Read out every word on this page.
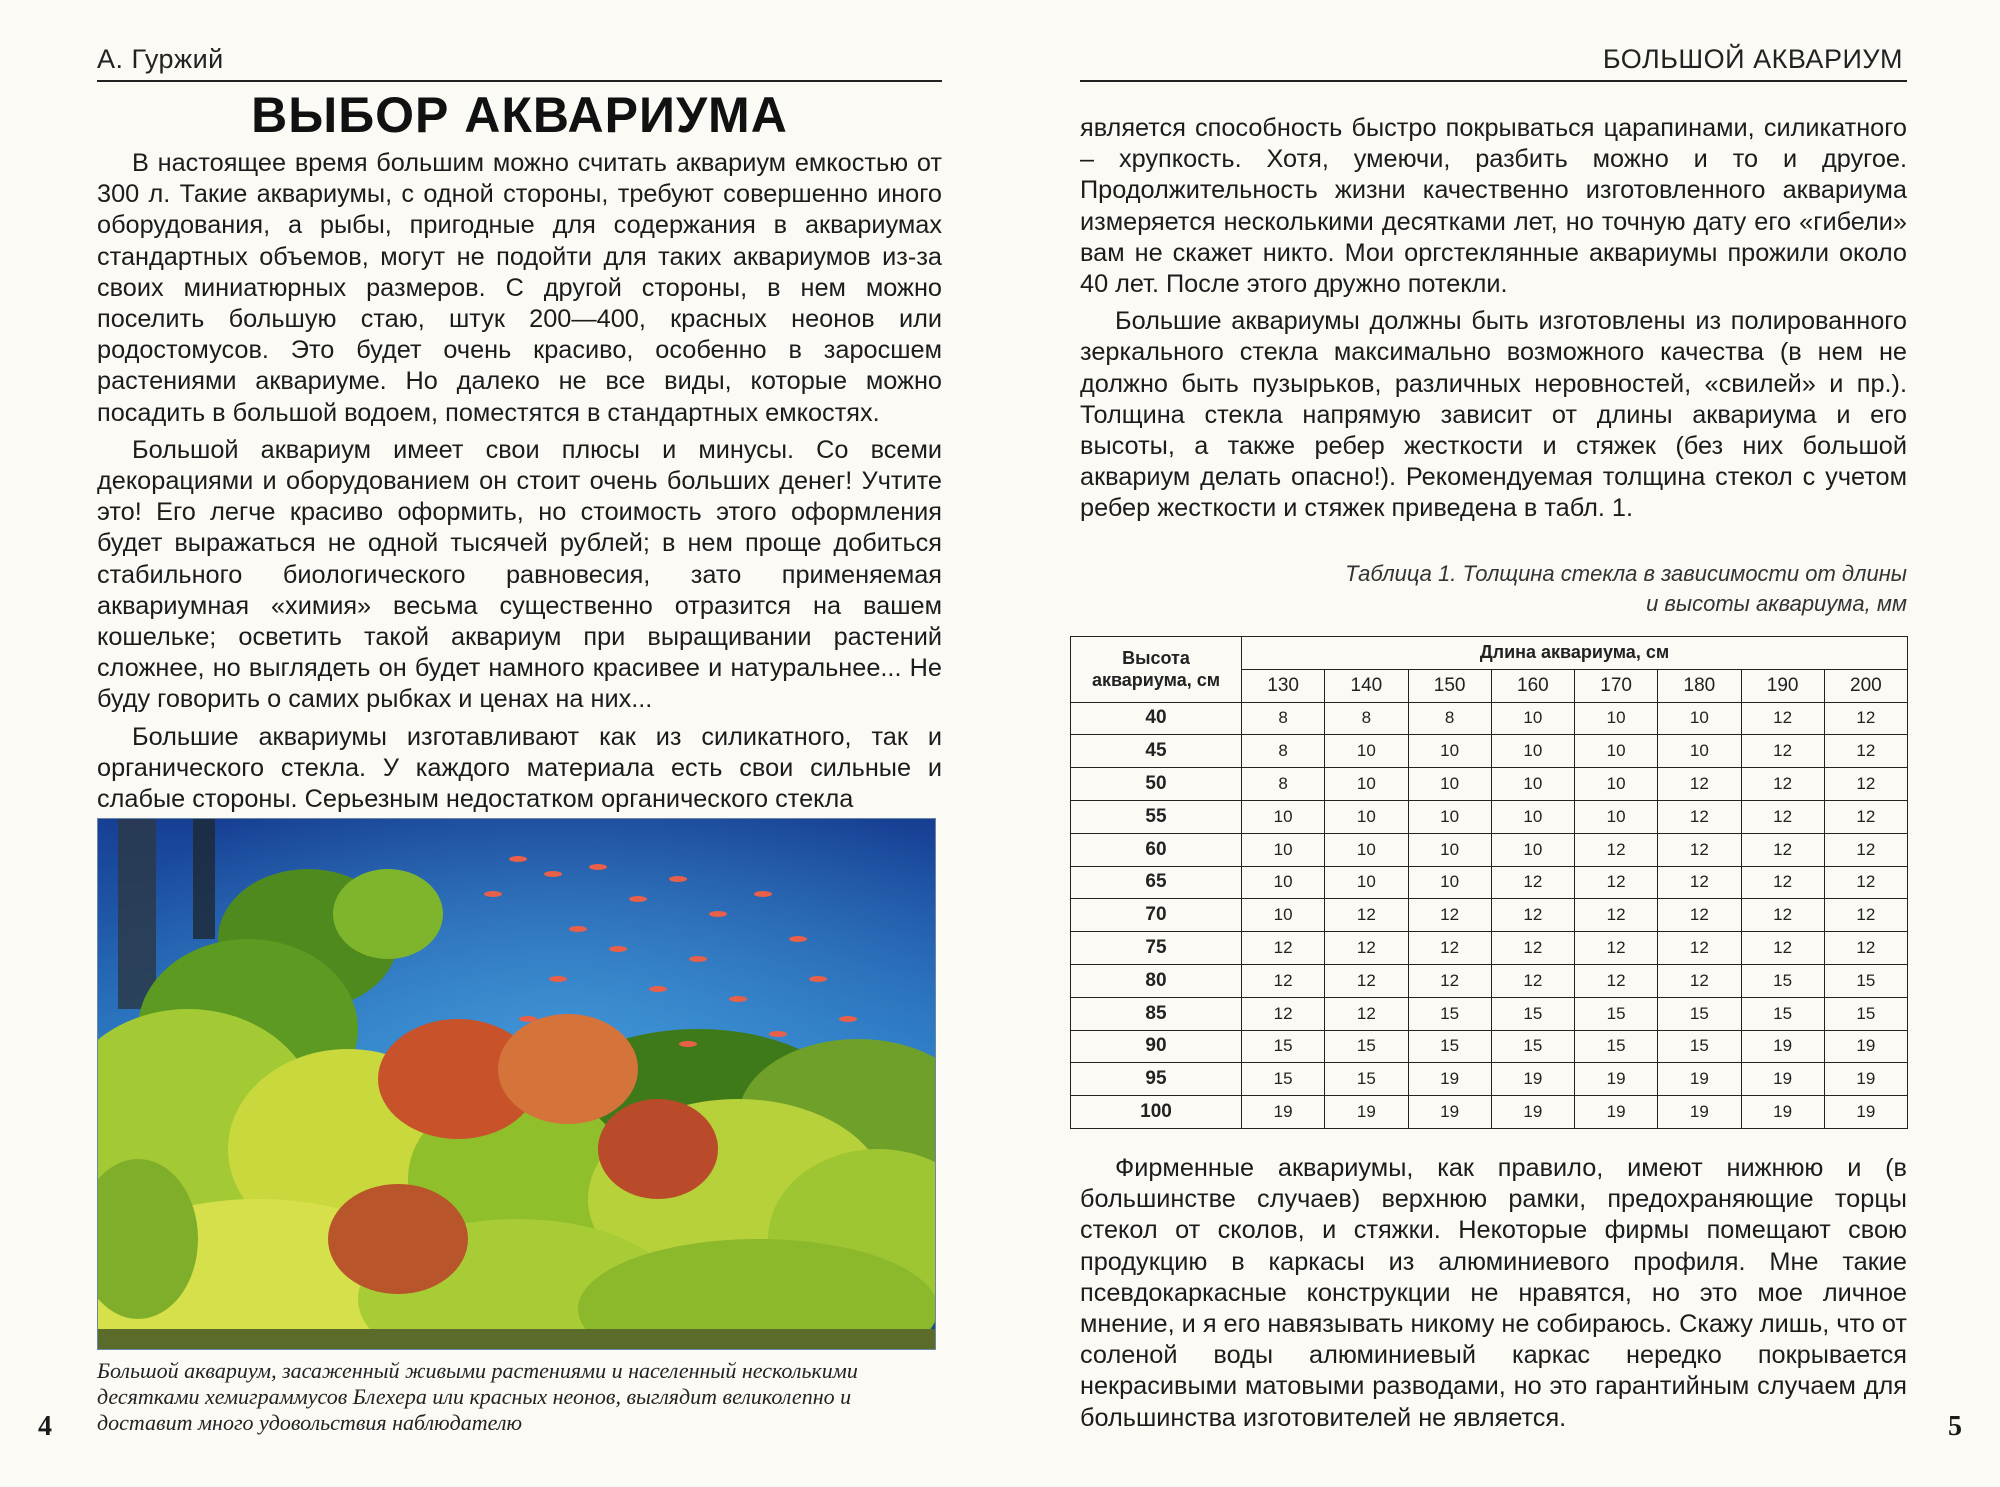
А. Гуржий
ВЫБОР АКВАРИУМА

В настоящее время большим можно считать аквариум емкостью от 300 л. Такие аквариумы, с одной стороны, требуют совершенно иного оборудования, а рыбы, пригодные для содержания в аквариумах стандартных объемов, могут не подойти для таких аквариумов из-за своих миниатюрных размеров. С другой стороны, в нем можно поселить большую стаю, штук 200—400, красных неонов или родостомусов. Это будет очень красиво, особенно в заросшем растениями аквариуме. Но далеко не все виды, которые можно посадить в большой водоем, поместятся в стандартных емкостях.

Большой аквариум имеет свои плюсы и минусы. Со всеми декорациями и оборудованием он стоит очень больших денег! Учтите это! Его легче красиво оформить, но стоимость этого оформления будет выражаться не одной тысячей рублей; в нем проще добиться стабильного биологического равновесия, зато применяемая аквариумная «химия» весьма существенно отразится на вашем кошельке; осветить такой аквариум при выращивании растений сложнее, но выглядеть он будет намного красивее и натуральнее... Не буду говорить о самих рыбках и ценах на них...

Большие аквариумы изготавливают как из силикатного, так и органического стекла. У каждого материала есть свои сильные и слабые стороны. Серьезным недостатком органического стекла

Большой аквариум, засаженный живыми растениями и населенный несколькими десятками хемиграммусов Блехера или красных неонов, выглядит великолепно и доставит много удовольствия наблюдателю
4
БОЛЬШОЙ АКВАРИУМ

является способность быстро покрываться царапинами, силикатного – хрупкость. Хотя, умеючи, разбить можно и то и другое. Продолжительность жизни качественно изготовленного аквариума измеряется несколькими десятками лет, но точную дату его «гибели» вам не скажет никто. Мои оргстеклянные аквариумы прожили около 40 лет. После этого дружно потекли.

Большие аквариумы должны быть изготовлены из полированного зеркального стекла максимально возможного качества (в нем не должно быть пузырьков, различных неровностей, «свилей» и пр.). Толщина стекла напрямую зависит от длины аквариума и его высоты, а также ребер жесткости и стяжек (без них большой аквариум делать опасно!). Рекомендуемая толщина стекол с учетом ребер жесткости и стяжек приведена в табл. 1.

Таблица 1. Толщина стекла в зависимости от длины
и высоты аквариума, мм
Высота аквариума, см	Длина аквариума, см							
	130	140	150	160	170	180	190	200
40	8	8	8	10	10	10	12	12
45	8	10	10	10	10	10	12	12
50	8	10	10	10	10	12	12	12
55	10	10	10	10	10	12	12	12
60	10	10	10	10	12	12	12	12
65	10	10	10	12	12	12	12	12
70	10	12	12	12	12	12	12	12
75	12	12	12	12	12	12	12	12
80	12	12	12	12	12	12	15	15
85	12	12	15	15	15	15	15	15
90	15	15	15	15	15	15	19	19
95	15	15	19	19	19	19	19	19
100	19	19	19	19	19	19	19	19

Фирменные аквариумы, как правило, имеют нижнюю и (в большинстве случаев) верхнюю рамки, предохраняющие торцы стекол от сколов, и стяжки. Некоторые фирмы помещают свою продукцию в каркасы из алюминиевого профиля. Мне такие псевдокаркасные конструкции не нравятся, но это мое личное мнение, и я его навязывать никому не собираюсь. Скажу лишь, что от соленой воды алюминиевый каркас нередко покрывается некрасивыми матовыми разводами, но это гарантийным случаем для большинства изготовителей не является.	5
